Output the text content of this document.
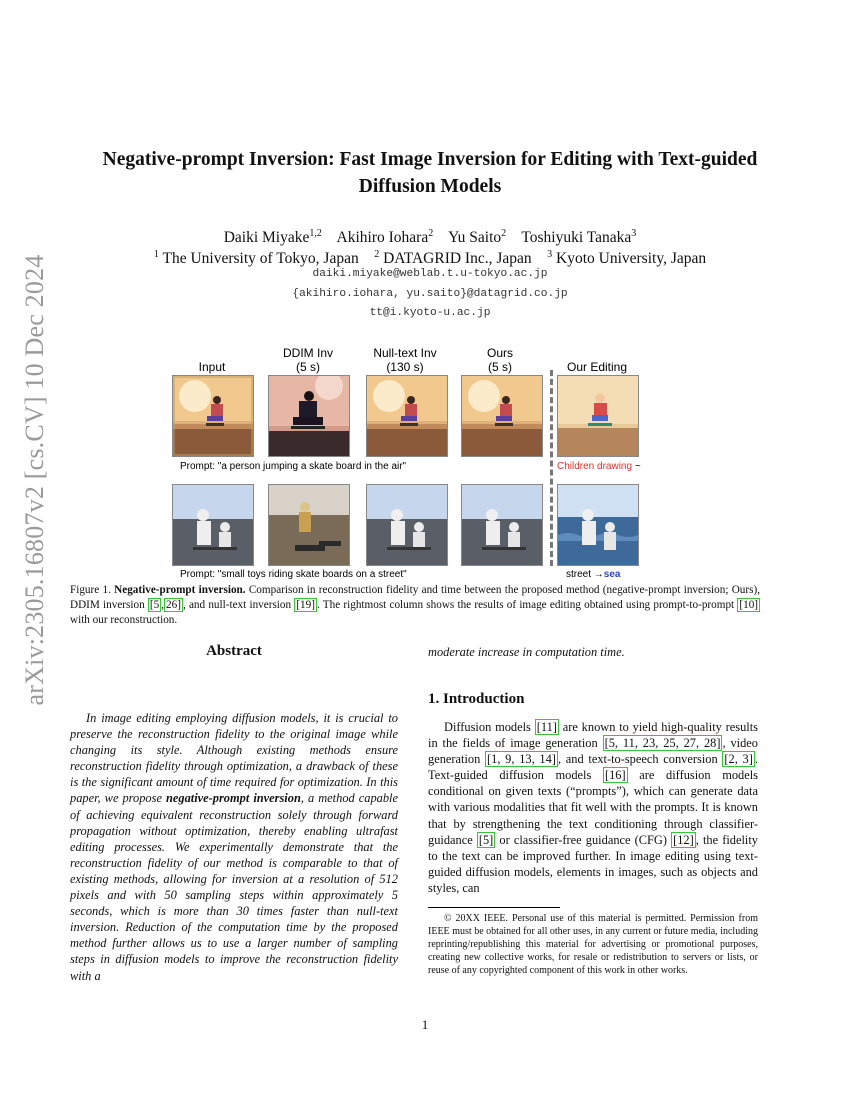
arXiv:2305.16807v2 [cs.CV] 10 Dec 2024
Negative-prompt Inversion: Fast Image Inversion for Editing with Text-guided
Diffusion Models
Daiki Miyake$^{1,2}$ Akihiro Iohara$^2$ Yu Saito$^2$ Toshiyuki Tanaka$^3$
$^1$ The University of Tokyo, Japan $^2$ DATAGRID Inc., Japan $^3$ Kyoto University, Japan
daiki.miyake@weblab.t.u-tokyo.ac.jp
{akihiro.iohara, yu.saito}@datagrid.co.jp
tt@i.kyoto-u.ac.jp
Input
DDIM Inv
(5 s)
Null-text Inv
(130 s)
Ours
(5 s)	Our Editing
Prompt: "a person jumping a skate board in the air"	Children drawing ~
Prompt: "small toys riding skate boards on a street"	street →sea
Figure 1. Negative-prompt inversion. Comparison in reconstruction fidelity and time between the proposed method (negative-prompt inversion; Ours), DDIM inversion [5 , 26] , and null-text inversion [19] . The rightmost column shows the results of image editing obtained using prompt-to-prompt [10] with our reconstruction.
Abstract
In image editing employing diffusion models, it is crucial to preserve the reconstruction fidelity to the original image while changing its style. Although existing methods ensure reconstruction fidelity through optimization, a drawback of these is the significant amount of time required for optimization. In this paper, we propose negative-prompt inversion, a method capable of achieving equivalent reconstruction solely through forward propagation without optimization, thereby enabling ultrafast editing processes. We experimentally demonstrate that the reconstruction fidelity of our method is comparable to that of existing methods, allowing for inversion at a resolution of 512 pixels and with 50 sampling steps within approximately 5 seconds, which is more than 30 times faster than null-text inversion. Reduction of the computation time by the proposed method further allows us to use a larger number of sampling steps in diffusion models to improve the reconstruction fidelity with a
moderate increase in computation time.
1. Introduction
Diffusion models [11] are known to yield high-quality results in the fields of image generation [5, 11, 23, 25, 27, 28] , video generation [1, 9, 13, 14] , and text-to-speech conversion [2, 3] . Text-guided diffusion models [16] are diffusion models conditional on given texts (“prompts”), which can generate data with various modalities that fit well with the prompts. It is known that by strengthening the text conditioning through classifier-guidance [5] or classifier-free guidance (CFG) [12] , the fidelity to the text can be improved further. In image editing using text-guided diffusion models, elements in images, such as objects and styles, can
© 20XX IEEE. Personal use of this material is permitted. Permission from IEEE must be obtained for all other uses, in any current or future media, including reprinting/republishing this material for advertising or promotional purposes, creating new collective works, for resale or redistribution to servers or lists, or reuse of any copyrighted component of this work in other works.
1
